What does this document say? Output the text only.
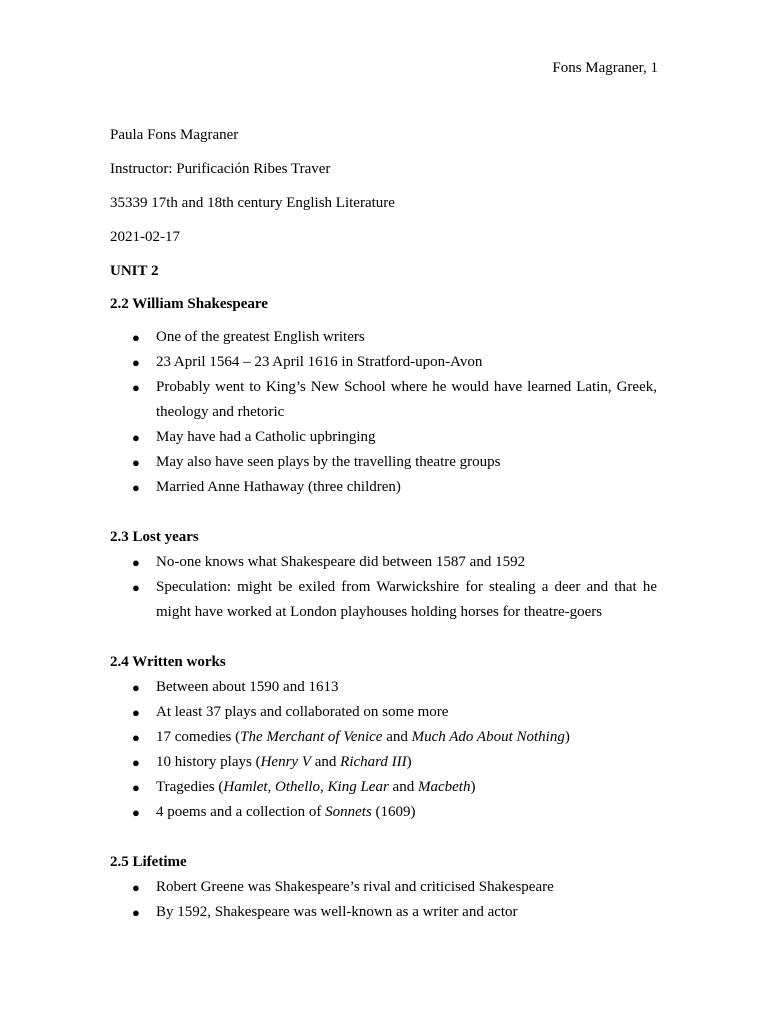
Fons Magraner, 1

Paula Fons Magraner

Instructor: Purificación Ribes Traver

35339 17th and 18th century English Literature

2021-02-17

UNIT 2

2.2 William Shakespeare

● One of the greatest English writers
● 23 April 1564 – 23 April 1616 in Stratford-upon-Avon
● Probably went to King’s New School where he would have learned Latin, Greek, theology and rhetoric
● May have had a Catholic upbringing
● May also have seen plays by the travelling theatre groups
● Married Anne Hathaway (three children)

2.3 Lost years

● No-one knows what Shakespeare did between 1587 and 1592
● Speculation: might be exiled from Warwickshire for stealing a deer and that he might have worked at London playhouses holding horses for theatre-goers

2.4 Written works

● Between about 1590 and 1613
● At least 37 plays and collaborated on some more
● 17 comedies (The Merchant of Venice and Much Ado About Nothing)
● 10 history plays (Henry V and Richard III)
● Tragedies (Hamlet, Othello, King Lear and Macbeth)
● 4 poems and a collection of Sonnets (1609)

2.5 Lifetime

● Robert Greene was Shakespeare’s rival and criticised Shakespeare
● By 1592, Shakespeare was well-known as a writer and actor
